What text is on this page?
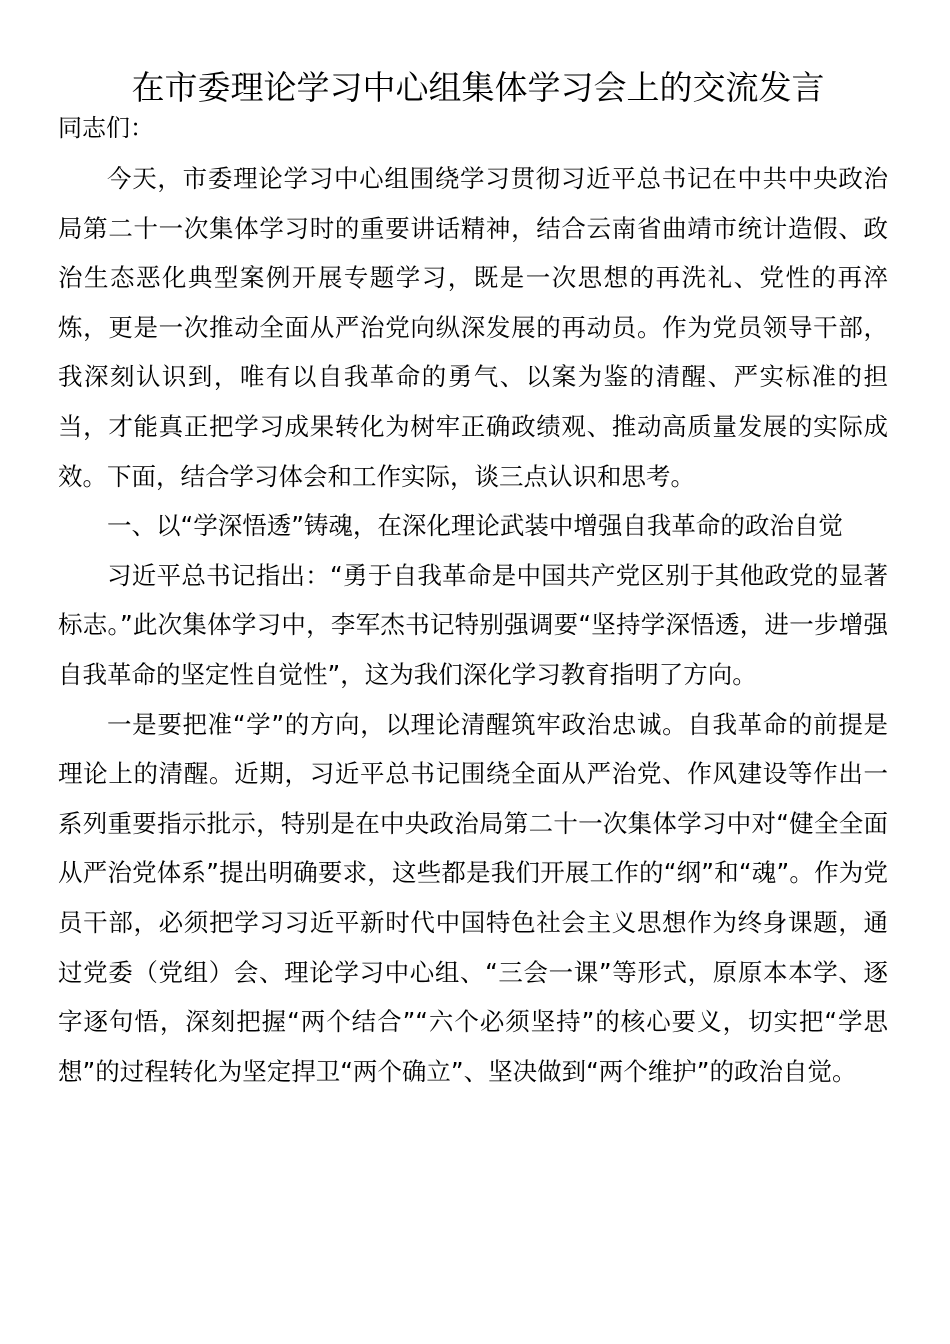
在市委理论学习中心组集体学习会上的交流发言

同志们：

今天，市委理论学习中心组围绕学习贯彻习近平总书记在中共中央政治局第二十一次集体学习时的重要讲话精神，结合云南省曲靖市统计造假、政治生态恶化典型案例开展专题学习，既是一次思想的再洗礼、党性的再淬炼，更是一次推动全面从严治党向纵深发展的再动员。作为党员领导干部，我深刻认识到，唯有以自我革命的勇气、以案为鉴的清醒、严实标准的担当，才能真正把学习成果转化为树牢正确政绩观、推动高质量发展的实际成效。下面，结合学习体会和工作实际，谈三点认识和思考。

一、以“学深悟透”铸魂，在深化理论武装中增强自我革命的政治自觉

习近平总书记指出：“勇于自我革命是中国共产党区别于其他政党的显著标志。”此次集体学习中，李军杰书记特别强调要“坚持学深悟透，进一步增强自我革命的坚定性自觉性”，这为我们深化学习教育指明了方向。

一是要把准“学”的方向，以理论清醒筑牢政治忠诚。自我革命的前提是理论上的清醒。近期，习近平总书记围绕全面从严治党、作风建设等作出一系列重要指示批示，特别是在中央政治局第二十一次集体学习中对“健全全面从严治党体系”提出明确要求，这些都是我们开展工作的“纲”和“魂”。作为党员干部，必须把学习习近平新时代中国特色社会主义思想作为终身课题，通过党委（党组）会、理论学习中心组、“三会一课”等形式，原原本本学、逐字逐句悟，深刻把握“两个结合”“六个必须坚持”的核心要义，切实把“学思想”的过程转化为坚定捍卫“两个确立”、坚决做到“两个维护”的政治自觉。
